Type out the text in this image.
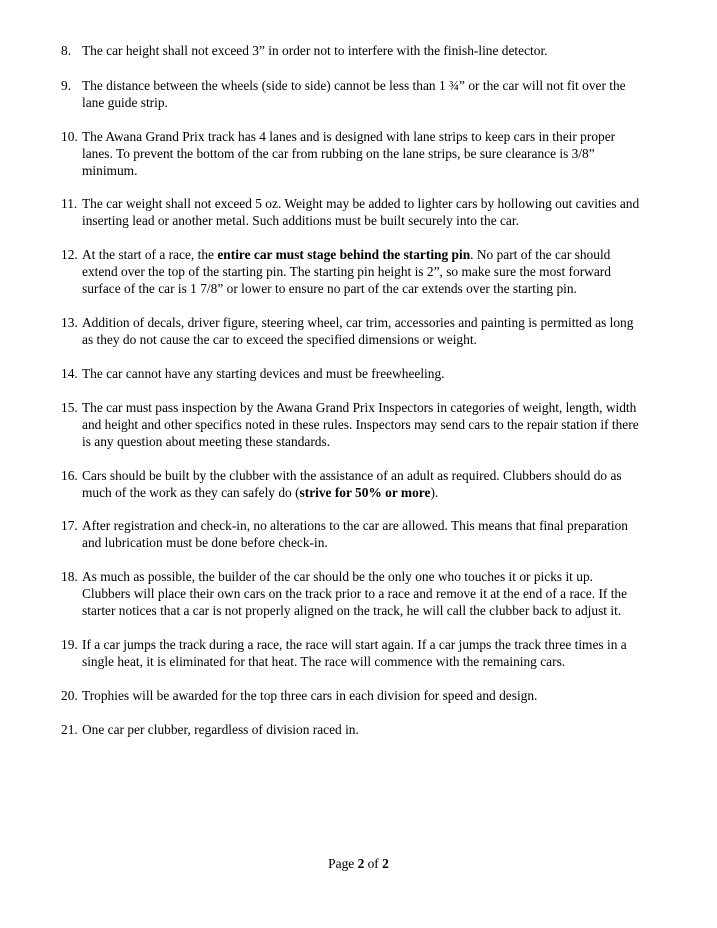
8. The car height shall not exceed 3” in order not to interfere with the finish-line detector.
9. The distance between the wheels (side to side) cannot be less than 1 ¾” or the car will not fit over the
lane guide strip.
10. The Awana Grand Prix track has 4 lanes and is designed with lane strips to keep cars in their proper
lanes. To prevent the bottom of the car from rubbing on the lane strips, be sure clearance is 3/8”
minimum.
11. The car weight shall not exceed 5 oz. Weight may be added to lighter cars by hollowing out cavities and
inserting lead or another metal. Such additions must be built securely into the car.
12. At the start of a race, the entire car must stage behind the starting pin. No part of the car should
extend over the top of the starting pin. The starting pin height is 2”, so make sure the most forward
surface of the car is 1 7/8” or lower to ensure no part of the car extends over the starting pin.
13. Addition of decals, driver figure, steering wheel, car trim, accessories and painting is permitted as long
as they do not cause the car to exceed the specified dimensions or weight.
14. The car cannot have any starting devices and must be freewheeling.
15. The car must pass inspection by the Awana Grand Prix Inspectors in categories of weight, length, width
and height and other specifics noted in these rules. Inspectors may send cars to the repair station if there
is any question about meeting these standards.
16. Cars should be built by the clubber with the assistance of an adult as required. Clubbers should do as
much of the work as they can safely do (strive for 50% or more).
17. After registration and check-in, no alterations to the car are allowed. This means that final preparation
and lubrication must be done before check-in.
18. As much as possible, the builder of the car should be the only one who touches it or picks it up.
Clubbers will place their own cars on the track prior to a race and remove it at the end of a race. If the
starter notices that a car is not properly aligned on the track, he will call the clubber back to adjust it.
19. If a car jumps the track during a race, the race will start again. If a car jumps the track three times in a
single heat, it is eliminated for that heat. The race will commence with the remaining cars.
20. Trophies will be awarded for the top three cars in each division for speed and design.
21. One car per clubber, regardless of division raced in.
Page 2 of 2
